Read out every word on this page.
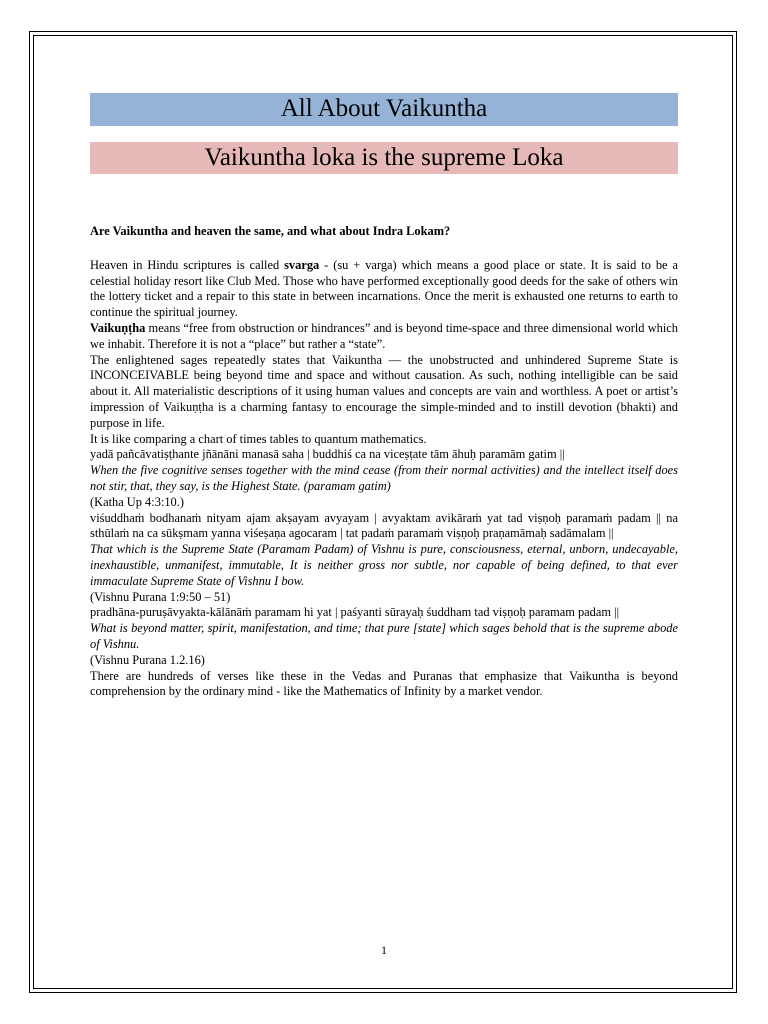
All About Vaikuntha
Vaikuntha loka is the supreme Loka

Are Vaikuntha and heaven the same, and what about Indra Lokam?

Heaven in Hindu scriptures is called svarga - (su + varga) which means a good place or state. It is said to be a celestial holiday resort like Club Med. Those who have performed exceptionally good deeds for the sake of others win the lottery ticket and a repair to this state in between incarnations. Once the merit is exhausted one returns to earth to continue the spiritual journey.

Vaikuṇṭha means “free from obstruction or hindrances” and is beyond time-space and three dimensional world which we inhabit. Therefore it is not a “place” but rather a “state”.

The enlightened sages repeatedly states that Vaikuntha — the unobstructed and unhindered Supreme State is INCONCEIVABLE being beyond time and space and without causation. As such, nothing intelligible can be said about it. All materialistic descriptions of it using human values and concepts are vain and worthless. A poet or artist’s impression of Vaikuṇṭha is a charming fantasy to encourage the simple-minded and to instill devotion (bhakti) and purpose in life.

It is like comparing a chart of times tables to quantum mathematics.

yadā pañcāvatiṣṭhante jñānāni manasā saha | buddhiś ca na viceṣṭate tām āhuḥ paramām gatim ||

When the five cognitive senses together with the mind cease (from their normal activities) and the intellect itself does not stir, that, they say, is the Highest State. (paramam gatim)

(Katha Up 4:3:10.)

viśuddhaṁ bodhanaṁ nityam ajam akṣayam avyayam | avyaktam avikāraṁ yat tad viṣṇoḥ paramaṁ padam || na sthūlaṁ na ca sūkṣmam yanna viśeṣaṇa agocaram | tat padaṁ paramaṁ viṣṇoḥ praṇamāmaḥ sadāmalam ||

That which is the Supreme State (Paramam Padam) of Vishnu is pure, consciousness, eternal, unborn, undecayable, inexhaustible, unmanifest, immutable, It is neither gross nor subtle, nor capable of being defined, to that ever immaculate Supreme State of Vishnu I bow.

(Vishnu Purana 1:9:50 – 51)

pradhāna-puruṣāvyakta-kālānāṁ paramam hi yat | paśyanti sūrayaḥ śuddham tad viṣṇoḥ paramam padam ||

What is beyond matter, spirit, manifestation, and time; that pure [state] which sages behold that is the supreme abode of Vishnu.

(Vishnu Purana 1.2.16)

There are hundreds of verses like these in the Vedas and Puranas that emphasize that Vaikuntha is beyond comprehension by the ordinary mind - like the Mathematics of Infinity by a market vendor.

1
